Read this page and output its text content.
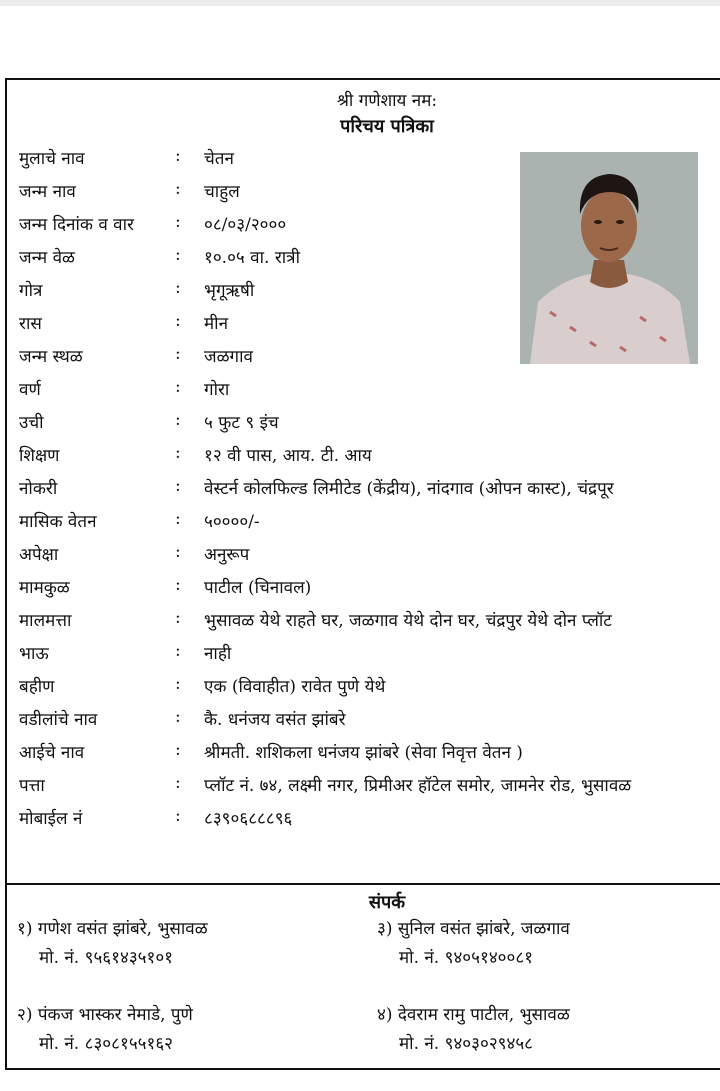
श्री गणेशाय नम:
परिचय पत्रिका
मुलाचे नाव	: चेतन
जन्म नाव	: चाहुल
जन्म दिनांक व वार : ०८/०३/२०००
जन्म वेळ	: १०.०५ वा. रात्री
गोत्र	: भृगूऋषी
रास	: मीन
जन्म स्थळ	: जळगाव
वर्ण	: गोरा
उची	: ५ फुट ९ इंच
शिक्षण	: १२ वी पास, आय. टी. आय
नोकरी	: वेस्टर्न कोलफिल्ड लिमीटेड (केंद्रीय), नांदगाव (ओपन कास्ट), चंद्रपूर
मासिक वेतन	: ५००००/-
अपेक्षा	: अनुरूप
मामकुळ	: पाटील (चिनावल)
मालमत्ता	: भुसावळ येथे राहते घर, जळगाव येथे दोन घर, चंद्रपुर येथे दोन प्लॉट
भाऊ	: नाही
बहीण	: एक (विवाहीत) रावेत पुणे येथे
वडीलांचे नाव	: कै. धनंजय वसंत झांबरे
आईचे नाव	: श्रीमती. शशिकला धनंजय झांबरे (सेवा निवृत्त वेतन )
पत्ता	: प्लॉट नं. ७४, लक्ष्मी नगर, प्रिमीअर हॉटेल समोर, जामनेर रोड, भुसावळ
मोबाईल नं	: ८३९०६८८८९६
संपर्क
१) गणेश वसंत झांबरे, भुसावळ
मो. नं. ९५६१४३५१०१
३) सुनिल वसंत झांबरे, जळगाव
मो. नं. ९४०५१४००८१
२) पंकज भास्कर नेमाडे, पुणे
मो. नं. ८३०८१५५१६२
४) देवराम रामु पाटील, भुसावळ
मो. नं. ९४०३०२९४५८
